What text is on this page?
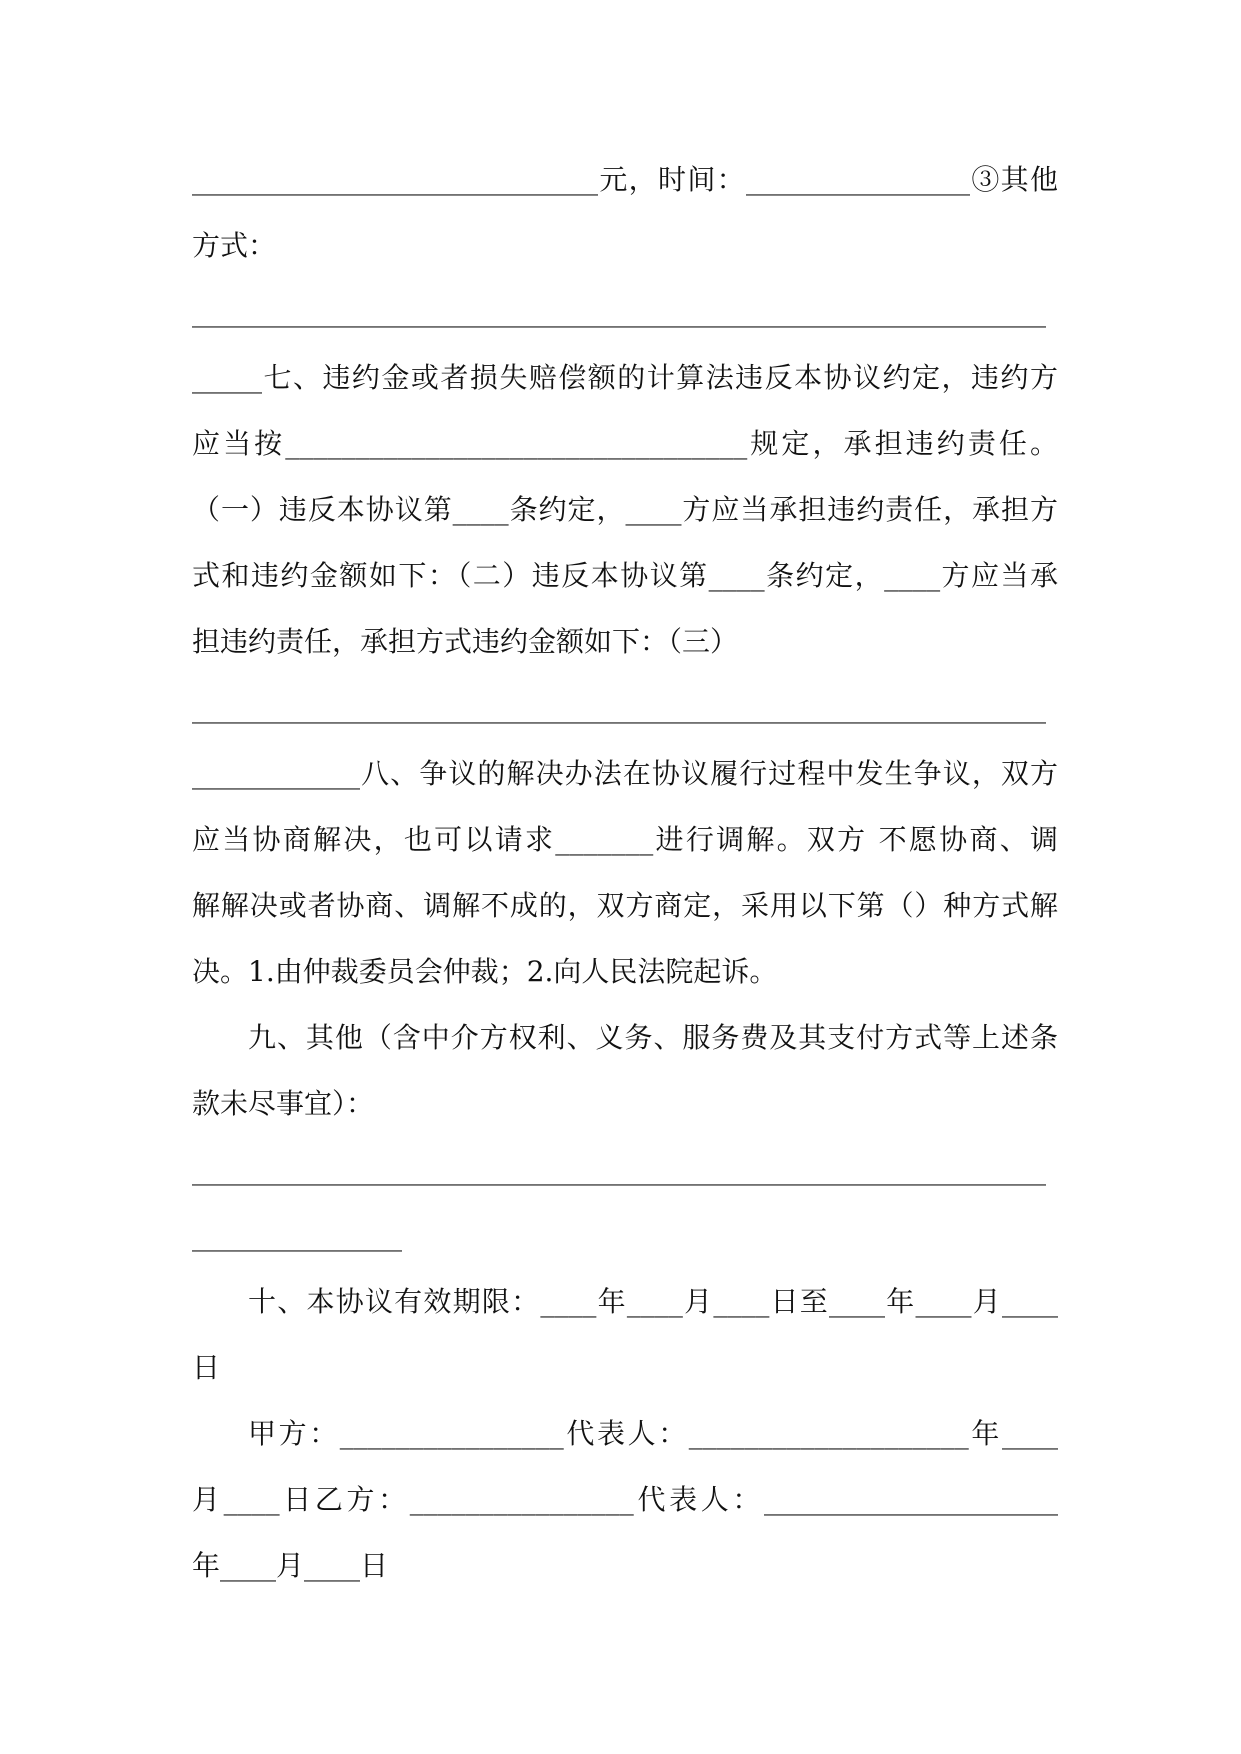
_____________________________元，时间：________________③其他
方式：
_____________________________________________________________
_____七、违约金或者损失赔偿额的计算法违反本协议约定，违约方
应当按_________________________________规定，承担违约责任。
（一）违反本协议第____条约定，____方应当承担违约责任，承担方
式和违约金额如下：（二）违反本协议第____条约定，____方应当承
担违约责任，承担方式违约金额如下：（三）
_____________________________________________________________
____________八、争议的解决办法在协议履行过程中发生争议，双方
应当协商解决，也可以请求_______进行调解。双方 不愿协商、调
解解决或者协商、调解不成的，双方商定，采用以下第（）种方式解
决。1.由仲裁委员会仲裁；2.向人民法院起诉。
九、其他（含中介方权利、义务、服务费及其支付方式等上述条
款未尽事宜）：
_____________________________________________________________
_______________
十、本协议有效期限：____年____月____日至____年____月____
日
甲方：________________代表人：____________________年____
月____日乙方：________________代表人：_____________________
年____月____日
